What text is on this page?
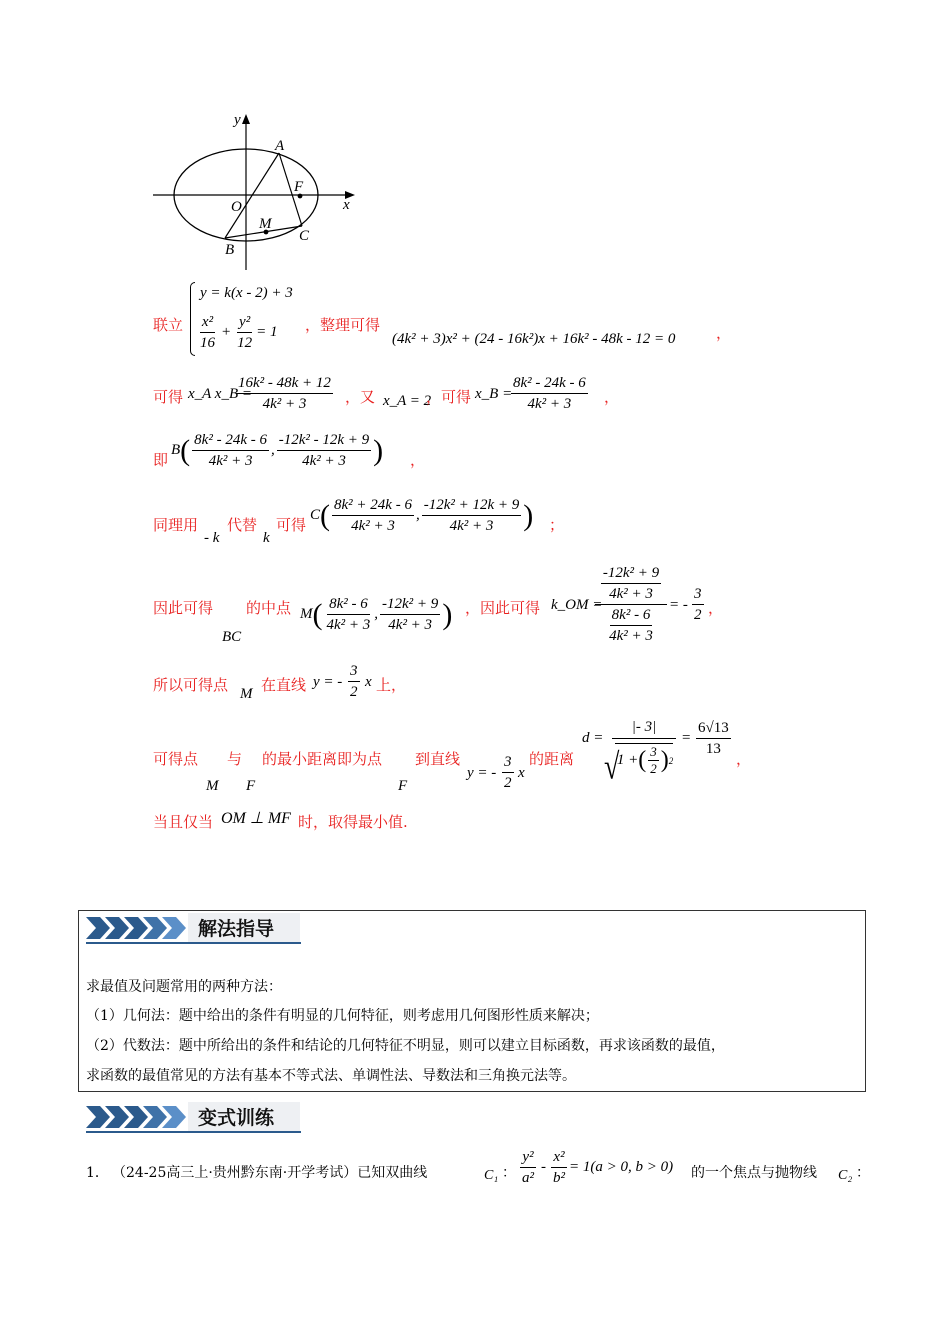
y
x
A
F
O
M
B
C
联立
y = k(x - 2) + 3
$\frac{\text{x²}}{16} + \frac{\text{y²}}{12} = 1$ ，整理可得
(4k² + 3)x² + (24 - 16k²)x + 16k² - 48k - 12 = 0	，
可得 x_A x_B =
$\frac{\text{16k² - 48k + 12}}{\text{4k² + 3}}$ ，又 x_A = 2
，可得 x_B =
$\frac{\text{8k² - 24k - 6}}{\text{4k² + 3}}$ ，
即
B ( $\frac{\text{8k² - 24k - 6}}{\text{4k² + 3}}$ , $\frac{\text{-12k² - 12k + 9}}{\text{4k² + 3}}$ ) ，
同理用
- k
代替
k
可得
C ( $\frac{\text{8k² + 24k - 6}}{\text{4k² + 3}}$ , $\frac{\text{-12k² + 12k + 9}}{\text{4k² + 3}}$ ) ；
因此可得
BC
的中点 M ( $\frac{\text{8k² - 6}}{\text{4k² + 3}}$ , $\frac{\text{-12k² + 9}}{\text{4k² + 3}}$ ) ，因此可得 k_OM =
$\frac{\text{-12k² + 9}}{\text{4k² + 3}}$
$\frac{\text{8k² - 6}}{\text{4k² + 3}}$ = - $\frac{3}{2}$ ，
所以可得点 M 在直线 y = - $\frac{3}{2}$ x 上，
可得点
M
与
F
的最小距离即为点
F
到直线
y = - $\frac{3}{2}$ x
的距离
d =
|- 3|
1 + ( $\frac{3}{2}$ ) 2
√
= $\frac{6√13}{13}$ ，
当且仅当 OM ⊥ MF 时，取得最小值.
解法指导
求最值及问题常用的两种方法：
（1）几何法：题中给出的条件有明显的几何特征，则考虑用几何图形性质来解决；
（2）代数法：题中所给出的条件和结论的几何特征不明显，则可以建立目标函数，再求该函数的最值，
求函数的最值常见的方法有基本不等式法、单调性法、导数法和三角换元法等。
变式训练
1． （24-25高三上·贵州黔东南·开学考试）已知双曲线	C₁ ： $\frac{\text{y²}}{\text{a²}} - \frac{\text{x²}}{\text{b²}} = 1(a > 0$, b > 0) 的一个焦点与抛物线 C₂ ：
